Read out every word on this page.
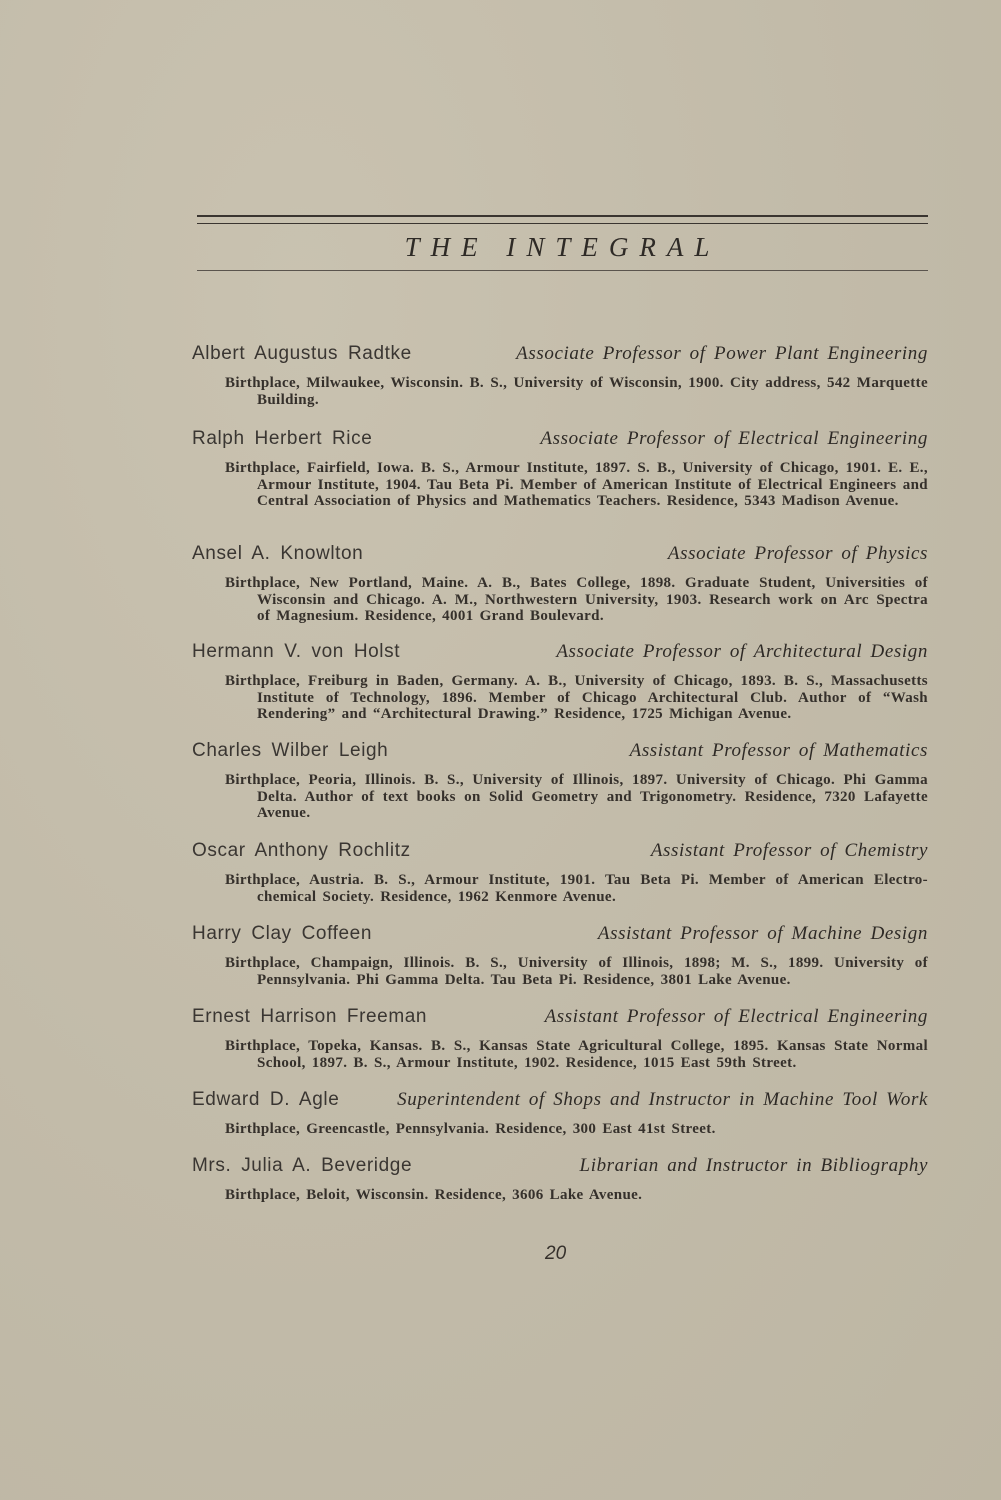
THE INTEGRAL
Albert Augustus Radtke	Associate Professor of Power Plant Engineering
Birthplace, Milwaukee, Wisconsin. B. S., University of Wisconsin, 1900. City address, 542 Marquette Building.
Ralph Herbert Rice	Associate Professor of Electrical Engineering
Birthplace, Fairfield, Iowa. B. S., Armour Institute, 1897. S. B., University of Chicago, 1901. E. E., Armour Institute, 1904. Tau Beta Pi. Member of American Institute of Electrical Engineers and Central Association of Physics and Mathematics Teachers. Residence, 5343 Madison Avenue.
Ansel A. Knowlton	Associate Professor of Physics
Birthplace, New Portland, Maine. A. B., Bates College, 1898. Graduate Student, Universities of Wisconsin and Chicago. A. M., Northwestern University, 1903. Research work on Arc Spectra of Magnesium. Residence, 4001 Grand Boulevard.
Hermann V. von Holst	Associate Professor of Architectural Design
Birthplace, Freiburg in Baden, Germany. A. B., University of Chicago, 1893. B. S., Massachusetts Institute of Technology, 1896. Member of Chicago Architectural Club. Author of “Wash Rendering” and “Architectural Drawing.” Residence, 1725 Michigan Avenue.
Charles Wilber Leigh	Assistant Professor of Mathematics
Birthplace, Peoria, Illinois. B. S., University of Illinois, 1897. University of Chicago. Phi Gamma Delta. Author of text books on Solid Geometry and Trigonometry. Residence, 7320 Lafayette Avenue.
Oscar Anthony Rochlitz	Assistant Professor of Chemistry
Birthplace, Austria. B. S., Armour Institute, 1901. Tau Beta Pi. Member of American Electro-chemical Society. Residence, 1962 Kenmore Avenue.
Harry Clay Coffeen	Assistant Professor of Machine Design
Birthplace, Champaign, Illinois. B. S., University of Illinois, 1898; M. S., 1899. University of Pennsylvania. Phi Gamma Delta. Tau Beta Pi. Residence, 3801 Lake Avenue.
Ernest Harrison Freeman	Assistant Professor of Electrical Engineering
Birthplace, Topeka, Kansas. B. S., Kansas State Agricultural College, 1895. Kansas State Normal School, 1897. B. S., Armour Institute, 1902. Residence, 1015 East 59th Street.
Edward D. Agle	Superintendent of Shops and Instructor in Machine Tool Work
Birthplace, Greencastle, Pennsylvania. Residence, 300 East 41st Street.
Mrs. Julia A. Beveridge	Librarian and Instructor in Bibliography
Birthplace, Beloit, Wisconsin. Residence, 3606 Lake Avenue.
20
